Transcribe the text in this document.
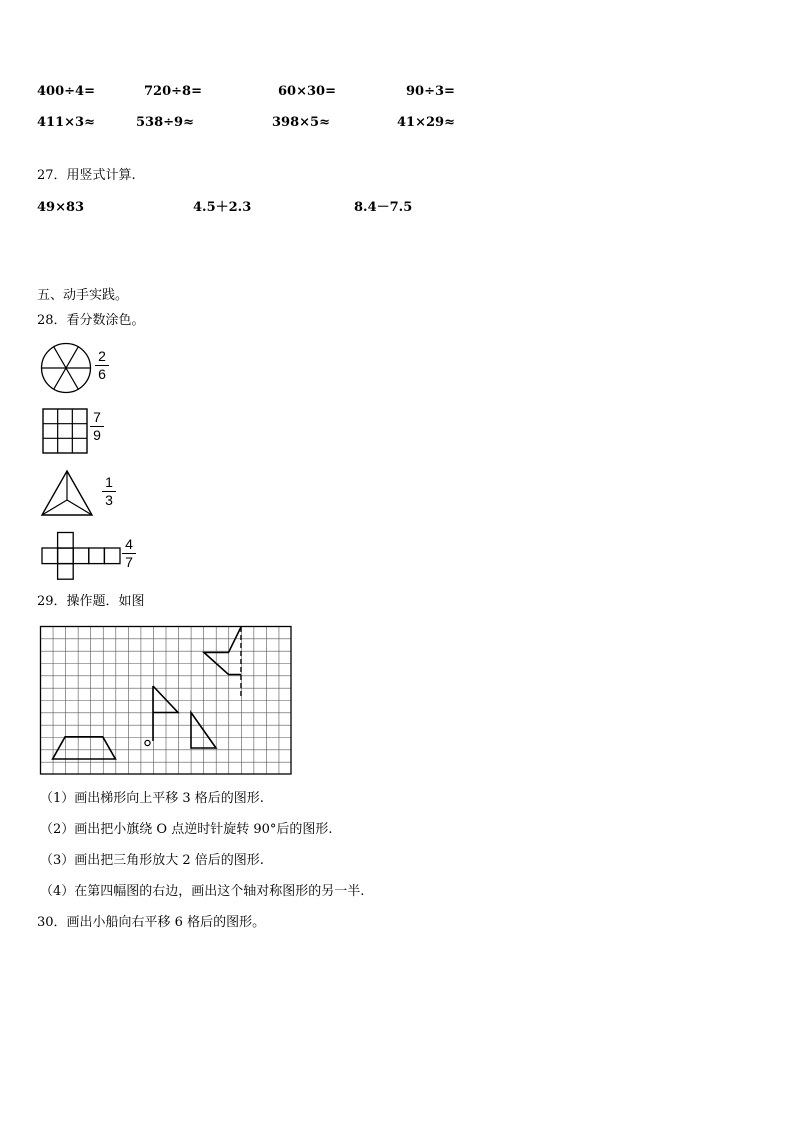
400÷4=	720÷8=	60×30=	90÷3=
411×3≈	538÷9≈	398×5≈	41×29≈
27．用竖式计算.
49×83	4.5＋2.3	8.4－7.5
五、动手实践。
28．看分数涂色。
2
6
7
9
1
3
4
7
29．操作题．如图
（1）画出梯形向上平移 3 格后的图形.
（2）画出把小旗绕 O 点逆时针旋转 90°后的图形.
（3）画出把三角形放大 2 倍后的图形.
（4）在第四幅图的右边，画出这个轴对称图形的另一半.
30．画出小船向右平移 6 格后的图形。
